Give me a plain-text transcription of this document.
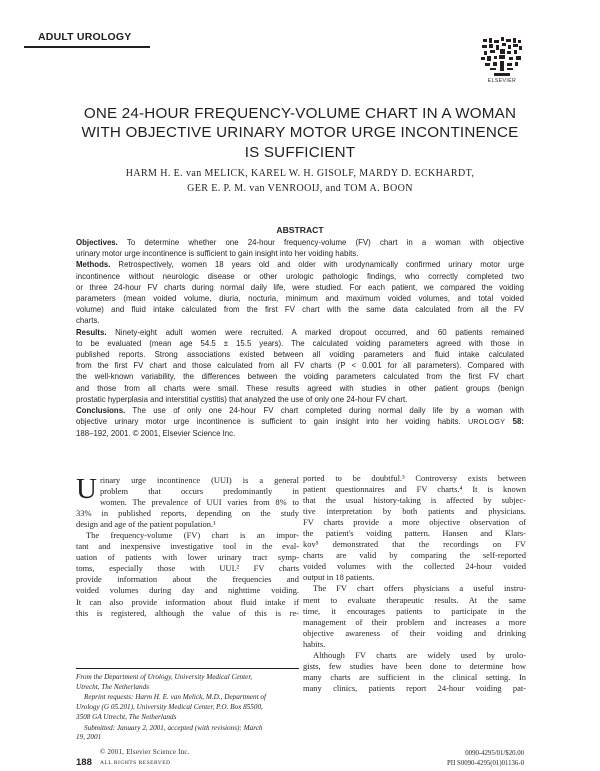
ADULT UROLOGY
ELSEVIER
ONE 24-HOUR FREQUENCY-VOLUME CHART IN A WOMAN
WITH OBJECTIVE URINARY MOTOR URGE INCONTINENCE
IS SUFFICIENT
HARM H. E. van MELICK, KAREL W. H. GISOLF, MARDY D. ECKHARDT,
GER E. P. M. van VENROOIJ, and TOM A. BOON
ABSTRACT

Objectives. To determine whether one 24-hour frequency-volume (FV) chart in a woman with objective
urinary motor urge incontinence is sufficient to gain insight into her voiding habits.

Methods. Retrospectively, women 18 years old and older with urodynamically confirmed urinary motor urge
incontinence without neurologic disease or other urologic pathologic findings, who correctly completed two
or three 24-hour FV charts during normal daily life, were studied. For each patient, we compared the voiding
parameters (mean voided volume, diuria, nocturia, minimum and maximum voided volumes, and total voided
volume) and fluid intake calculated from the first FV chart with the same data calculated from all the FV
charts.

Results. Ninety-eight adult women were recruited. A marked dropout occurred, and 60 patients remained
to be evaluated (mean age 54.5 ± 15.5 years). The calculated voiding parameters agreed with those in
published reports. Strong associations existed between all voiding parameters and fluid intake calculated
from the first FV chart and those calculated from all FV charts (P < 0.001 for all parameters). Compared with
the well-known variability, the differences between the voiding parameters calculated from the first FV chart
and those from all charts were small. These results agreed with studies in other patient groups (benign
prostatic hyperplasia and interstitial cystitis) that analyzed the use of only one 24-hour FV chart.

Conclusions. The use of only one 24-hour FV chart completed during normal daily life by a woman with
objective urinary motor urge incontinence is sufficient to gain insight into her voiding habits. UROLOGY 58:
188–192, 2001. © 2001, Elsevier Science Inc.

U rinary urge incontinence (UUI) is a general
problem that occurs predominantly in
women. The prevalence of UUI varies from 8% to
33% in published reports, depending on the study
design and age of the patient population.¹
The frequency-volume (FV) chart is an impor-
tant and inexpensive investigative tool in the eval-
uation of patients with lower urinary tract symp-
toms, especially those with UUI.² FV charts
provide information about the frequencies and
voided volumes during day and nighttime voiding.
It can also provide information about fluid intake if
this is registered, although the value of this is re-

From the Department of Urology, University Medical Center,
Utrecht, The Netherlands

Reprint requests: Harm H. E. van Melick, M.D., Department of
Urology (G 05.201), University Medical Center, P.O. Box 85500,
3508 GA Utrecht, The Netherlands

Submitted: January 2, 2001, accepted (with revisions): March
19, 2001

ported to be doubtful.³ Controversy exists between
patient questionnaires and FV charts.⁴ It is known
that the usual history-taking is affected by subjec-
tive interpretation by both patients and physicians.
FV charts provide a more objective observation of
the patient's voiding pattern. Hansen and Klars-
kov⁵ demonstrated that the recordings on FV
charts are valid by comparing the self-reported
voided volumes with the collected 24-hour voided
output in 18 patients.
The FV chart offers physicians a useful instru-
ment to evaluate therapeutic results. At the same
time, it encourages patients to participate in the
management of their problem and increases a more
objective awareness of their voiding and drinking
habits.
Although FV charts are widely used by urolo-
gists, few studies have been done to determine how
many charts are sufficient in the clinical setting. In
many clinics, patients report 24-hour voiding pat-
© 2001, Elsevier Science Inc.
188 ALL RIGHTS RESERVED
0090-4295/01/$20.00
PII S0090-4295(01)01136-0
